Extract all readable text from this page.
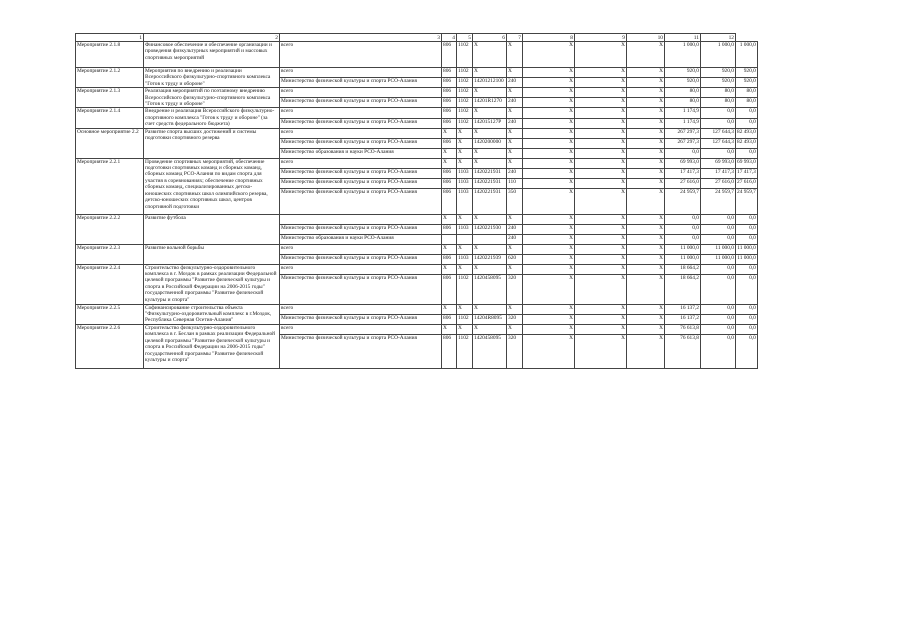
1	2	3	4	5	6	7	8	9	10	11	12	
Мероприятие 2.1.8	Финансовое обеспечение и обеспечение организации и проведения физкультурных мероприятий и массовых спортивных мероприятий	всего	806	1102	X	X	X	X	X	1 000,0	1 000,0	1 000,0
Мероприятие 2.1.2	Мероприятия по внедрению и реализации Всероссийского физкультурно-спортивного комплекса "Готов к труду и обороне"	всего	806	1102	X	X	X	X	X	920,0	920,0	920,0
		Министерство физической культуры и спорта РСО-Алания	806	1102	14201212100	240	X	X	X	920,0	920,0	920,0
Мероприятие 2.1.3	Реализация мероприятий по поэтапному внедрению Всероссийского физкультурно-спортивного комплекса "Готов к труду и обороне"	всего	806	1102	X	X	X	X	X	80,0	80,0	80,0
		Министерство физической культуры и спорта РСО-Алания	806	1102	14201R1270	240	X	X	X	80,0	80,0	80,0
Мероприятие 2.1.4	Внедрение и реализация Всероссийского физкультурно-спортивного комплекса "Готов к труду и обороне" (за счет средств федерального бюджета)	всего	806	1102	X	X	X	X	X	1 174,9	0,0	0,0
		Министерство физической культуры и спорта РСО-Алания	806	1102	142015127Р	240	X	X	X	1 174,9	0,0	0,0
Основное мероприятие 2.2	Развитие спорта высших достижений и системы подготовки спортивного резерва	всего	X	X	X	X	X	X	X	267 297,3	127 644,3	82 493,0
		Министерство физической культуры и спорта РСО-Алания	806	X	1420200000	X	X	X	X	267 297,3	127 644,3	82 493,0
		Министерство образования и науки РСО-Алания	X	X	X	X	X	X	X	0,0	0,0	0,0
Мероприятие 2.2.1	Проведение спортивных мероприятий, обеспечение подготовки спортивных команд и сборных команд, сборных команд РСО-Алания по видам спорта для участия в соревнованиях; обеспечение спортивных сборных команд, специализированных детско-юношеских спортивных школ олимпийского резерва, детско-юношеских спортивных школ, центров спортивной подготовки	всего	X	X	X	X	X	X	X	69 993,0	69 993,0	69 993,0
		Министерство физической культуры и спорта РСО-Алания	806	1103	1420221931	240	X	X	X	17 417,3	17 417,3	17 417,3
		Министерство физической культуры и спорта РСО-Алания	806	1103	1420221931	110	X	X	X	27 616,0	27 616,0	27 616,0
		Министерство физической культуры и спорта РСО-Алания	806	1103	1420221931	350	X	X	X	24 959,7	24 959,7	24 959,7
Мероприятие 2.2.2	Развитие футбола		X	X	X	X	X	X	X	0,0	0,0	0,0
		Министерство физической культуры и спорта РСО-Алания	806	1103	1420221930	240	X	X	X	0,0	0,0	0,0
		Министерство образования и науки РСО-Алания				240	X	X	X	0,0	0,0	0,0
Мероприятие 2.2.3	Развитие вольной борьбы	всего	X	X	X	X	X	X	X	11 000,0	11 000,0	11 000,0
		Министерство физической культуры и спорта РСО-Алания	806	1103	1420221939	620	X	X	X	11 000,0	11 000,0	11 000,0
Мероприятие 2.2.4	Строительство физкультурно-оздоровительного комплекса в г. Моздок в рамках реализации Федеральной целевой программы "Развитие физической культуры и спорта в Российской Федерации на 2006-2015 годы" государственной программы "Развитие физической культуры и спорта"	всего	X	X	X	X	X	X	X	18 664,2	0,0	0,0
		Министерство физической культуры и спорта РСО-Алания	806	1102	1420458095	320	X	X	X	18 664,2	0,0	0,0
Мероприятие 2.2.5	Софинансирование строительства объекта "Физкультурно-оздоровительный комплекс в г.Моздок, Республика Северная Осетия-Алания"	всего	X	X	X	X	X	X	X	16 137,2	0,0	0,0
		Министерство физической культуры и спорта РСО-Алания	806	1102	14204R8095	320	X	X	X	16 137,2	0,0	0,0
Мероприятие 2.2.6	Строительство физкультурно-оздоровительного комплекса в г. Беслан в рамках реализации Федеральной целевой программы "Развитие физической культуры и спорта в Российской Федерации на 2006-2015 годы" государственной программы "Развитие физической культуры и спорта"	всего	X	X	X	X	X	X	X	76 613,8	0,0	0,0
		Министерство физической культуры и спорта РСО-Алания	806	1102	1420458095	320	X	X	X	76 613,8	0,0	0,0
